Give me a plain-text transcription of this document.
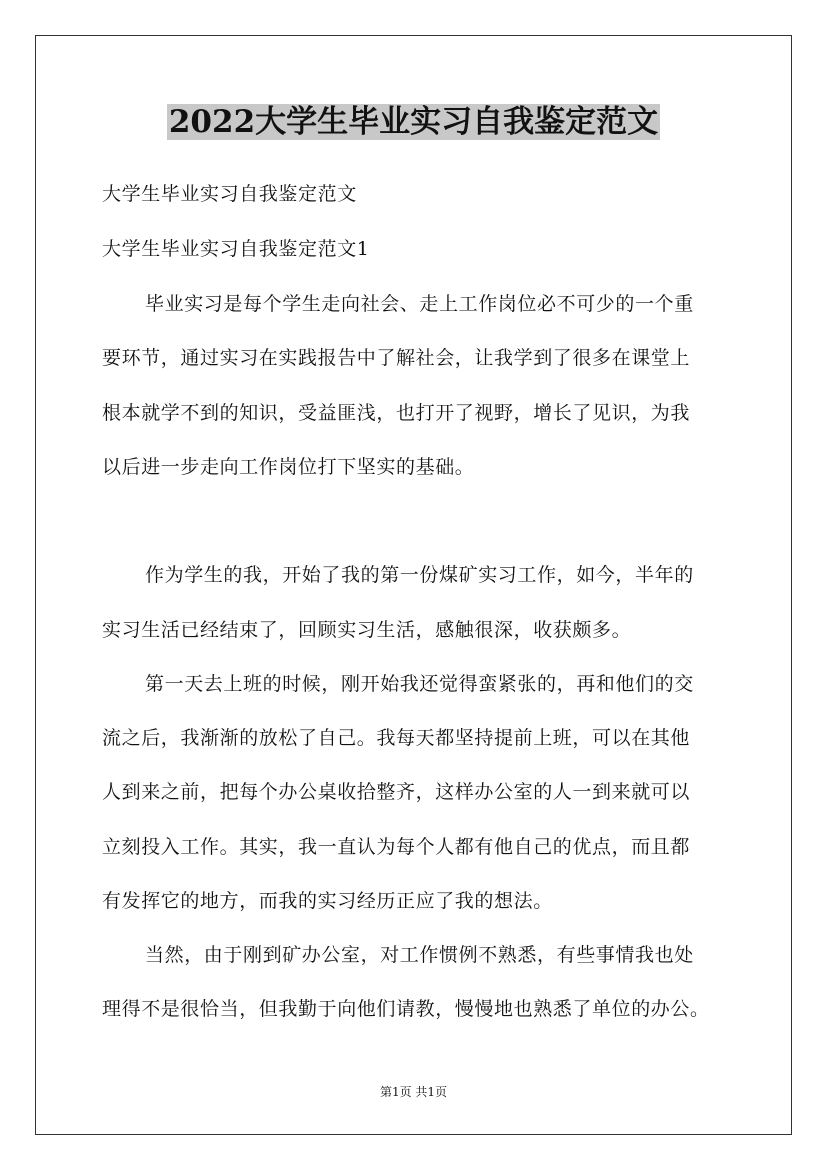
2022大学生毕业实习自我鉴定范文
大学生毕业实习自我鉴定范文
大学生毕业实习自我鉴定范文1
毕业实习是每个学生走向社会、走上工作岗位必不可少的一个重
要环节，通过实习在实践报告中了解社会，让我学到了很多在课堂上
根本就学不到的知识，受益匪浅，也打开了视野，增长了见识，为我
以后进一步走向工作岗位打下坚实的基础。
作为学生的我，开始了我的第一份煤矿实习工作，如今，半年的
实习生活已经结束了，回顾实习生活，感触很深，收获颇多。
第一天去上班的时候，刚开始我还觉得蛮紧张的，再和他们的交
流之后，我渐渐的放松了自己。我每天都坚持提前上班，可以在其他
人到来之前，把每个办公桌收拾整齐，这样办公室的人一到来就可以
立刻投入工作。其实，我一直认为每个人都有他自己的优点，而且都
有发挥它的地方，而我的实习经历正应了我的想法。
当然，由于刚到矿办公室，对工作惯例不熟悉，有些事情我也处
理得不是很恰当，但我勤于向他们请教，慢慢地也熟悉了单位的办公。
第1页 共1页
